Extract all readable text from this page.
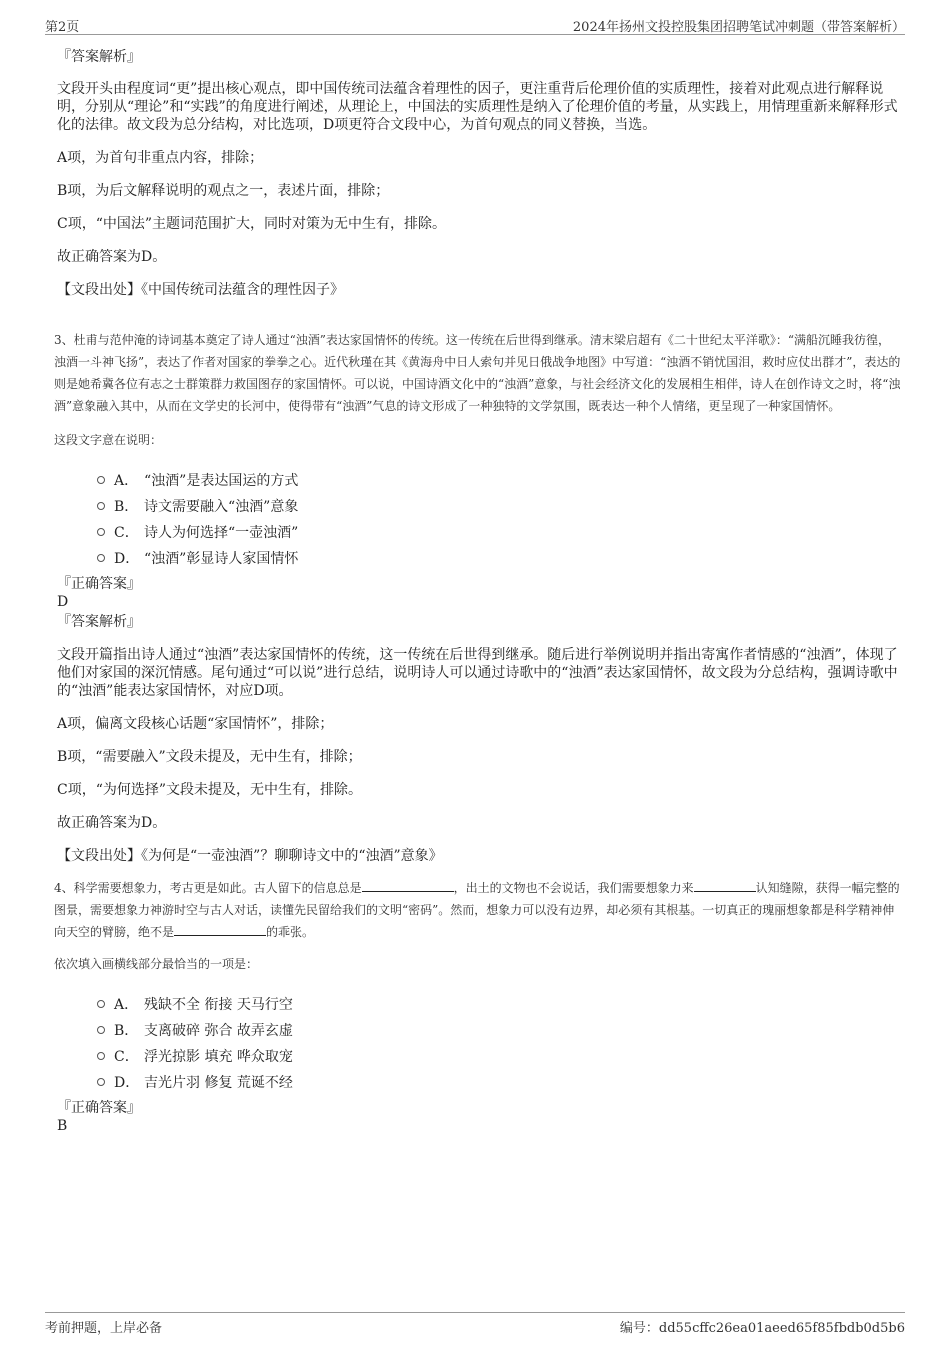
第2页	2024年扬州文投控股集团招聘笔试冲刺题（带答案解析）

『答案解析』

文段开头由程度词“更”提出核心观点，即中国传统司法蕴含着理性的因子，更注重背后伦理价值的实质理性，接着对此观点进行解释说明，分别从“理论”和“实践”的角度进行阐述，从理论上，中国法的实质理性是纳入了伦理价值的考量，从实践上，用情理重新来解释形式化的法律。故文段为总分结构，对比选项，D项更符合文段中心，为首句观点的同义替换，当选。

A项，为首句非重点内容，排除；

B项，为后文解释说明的观点之一，表述片面，排除；

C项，“中国法”主题词范围扩大，同时对策为无中生有，排除。

故正确答案为D。

【文段出处】《中国传统司法蕴含的理性因子》

3、杜甫与范仲淹的诗词基本奠定了诗人通过“浊酒”表达家国情怀的传统。这一传统在后世得到继承。清末梁启超有《二十世纪太平洋歌》：“满船沉睡我彷徨，浊酒一斗神飞扬”，表达了作者对国家的拳拳之心。近代秋瑾在其《黄海舟中日人索句并见日俄战争地图》中写道：“浊酒不销忧国泪，救时应仗出群才”，表达的则是她希冀各位有志之士群策群力救国图存的家国情怀。可以说，中国诗酒文化中的“浊酒”意象，与社会经济文化的发展相生相伴，诗人在创作诗文之时，将“浊酒”意象融入其中，从而在文学史的长河中，使得带有“浊酒”气息的诗文形成了一种独特的文学氛围，既表达一种个人情绪，更呈现了一种家国情怀。

这段文字意在说明：

A． “浊酒”是表达国运的方式
B． 诗文需要融入“浊酒”意象
C． 诗人为何选择“一壶浊酒”
D． “浊酒”彰显诗人家国情怀

『正确答案』

D

『答案解析』

文段开篇指出诗人通过“浊酒”表达家国情怀的传统，这一传统在后世得到继承。随后进行举例说明并指出寄寓作者情感的“浊酒”，体现了他们对家国的深沉情感。尾句通过“可以说”进行总结，说明诗人可以通过诗歌中的“浊酒”表达家国情怀，故文段为分总结构，强调诗歌中的“浊酒”能表达家国情怀，对应D项。

A项，偏离文段核心话题“家国情怀”，排除；

B项，“需要融入”文段未提及，无中生有，排除；

C项，“为何选择”文段未提及，无中生有，排除。

故正确答案为D。

【文段出处】《为何是“一壶浊酒”？聊聊诗文中的“浊酒”意象》

4、科学需要想象力，考古更是如此。古人留下的信息总是	，出土的文物也不会说话，我们需要想象力来	认知缝隙，获得一幅完整的图景，需要想象力神游时空与古人对话，读懂先民留给我们的文明“密码”。然而，想象力可以没有边界，却必须有其根基。一切真正的瑰丽想象都是科学精神伸向天空的臂膀，绝不是	的乖张。

依次填入画横线部分最恰当的一项是：

A． 残缺不全 衔接 天马行空
B． 支离破碎 弥合 故弄玄虚
C． 浮光掠影 填充 哗众取宠
D． 吉光片羽 修复 荒诞不经

『正确答案』

B

考前押题，上岸必备	编号：dd55cffc26ea01aeed65f85fbdb0d5b6
